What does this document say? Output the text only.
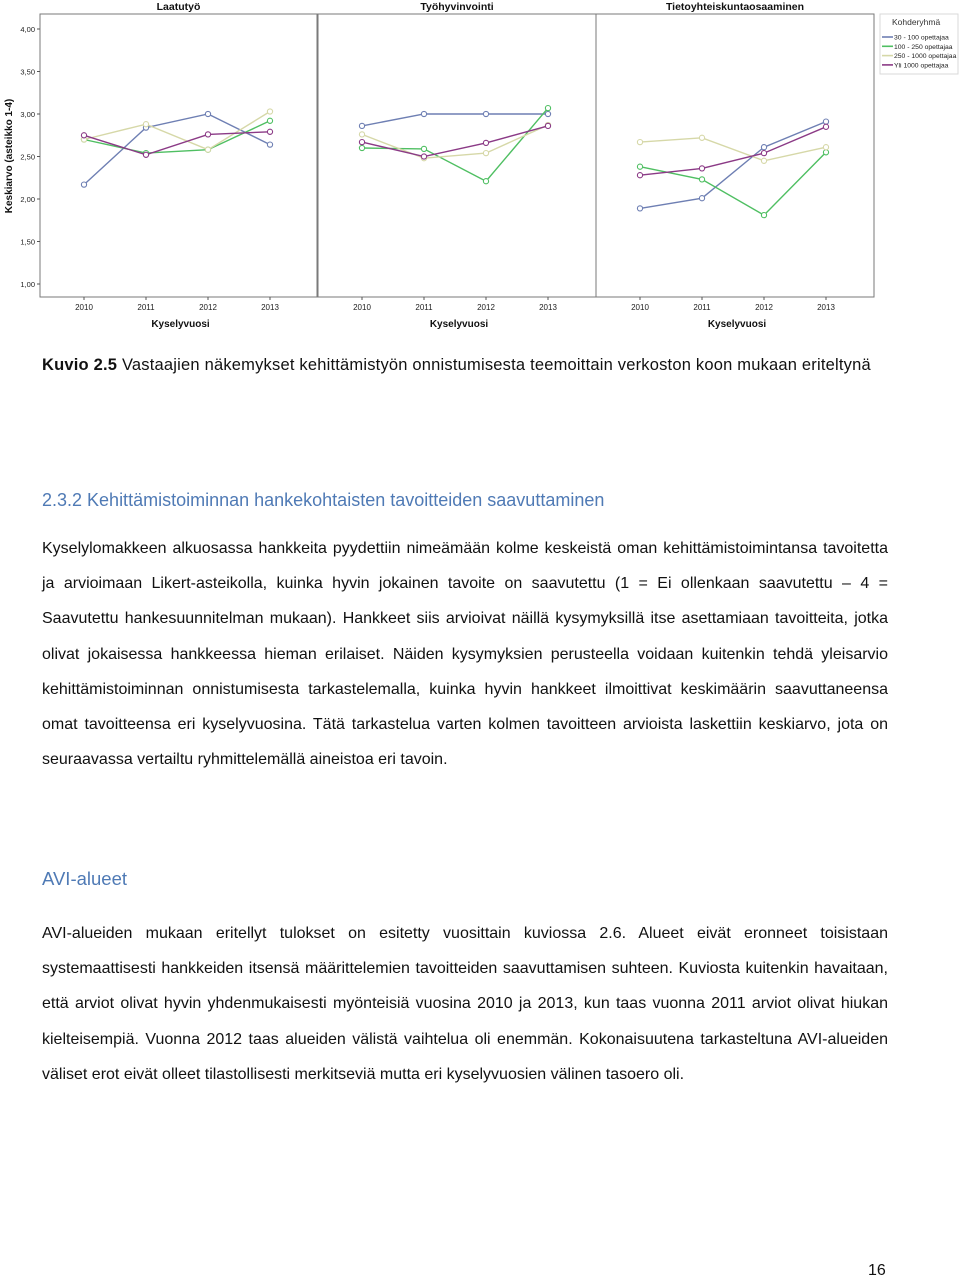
Laatutyö
2010	2011	2012	2013
Kyselyvuosi
Työhyvinvointi
2010	2011	2012	2013
Kyselyvuosi
Tietoyhteiskuntaosaaminen
2010	2011	2012	2013
Kyselyvuosi
1,00
1,50
2,00
2,50
3,00
3,50
4,00
Keskiarvo (asteikko 1-4)
Kohderyhmä
30 - 100 opettajaa
100 - 250 opettajaa
250 - 1000 opettajaa
Yli 1000 opettajaa
Kuvio 2.5 Vastaajien näkemykset kehittämistyön onnistumisesta teemoittain verkoston koon mukaan eriteltynä
2.3.2 Kehittämistoiminnan hankekohtaisten tavoitteiden saavuttaminen
Kyselylomakkeen alkuosassa hankkeita pyydettiin nimeämään kolme keskeistä oman kehittämistoimintansa tavoitetta ja arvioimaan Likert-asteikolla, kuinka hyvin jokainen tavoite on saavutettu (1 = Ei ollenkaan saavutettu – 4 = Saavutettu hankesuunnitelman mukaan). Hankkeet siis arvioivat näillä kysymyksillä itse asettamiaan tavoitteita, jotka olivat jokaisessa hankkeessa hieman erilaiset. Näiden kysymyksien perusteella voidaan kuitenkin tehdä yleisarvio kehittämistoiminnan onnistumisesta tarkastelemalla, kuinka hyvin hankkeet ilmoittivat keskimäärin saavuttaneensa omat tavoitteensa eri kyselyvuosina. Tätä tarkastelua varten kolmen tavoitteen arvioista laskettiin keskiarvo, jota on seuraavassa vertailtu ryhmittelemällä aineistoa eri tavoin.
AVI-alueet
AVI-alueiden mukaan eritellyt tulokset on esitetty vuosittain kuviossa 2.6. Alueet eivät eronneet toisistaan systemaattisesti hankkeiden itsensä määrittelemien tavoitteiden saavuttamisen suhteen. Kuviosta kuitenkin havaitaan, että arviot olivat hyvin yhdenmukaisesti myönteisiä vuosina 2010 ja 2013, kun taas vuonna 2011 arviot olivat hiukan kielteisempiä. Vuonna 2012 taas alueiden välistä vaihtelua oli enemmän. Kokonaisuutena tarkasteltuna AVI-alueiden väliset erot eivät olleet tilastollisesti merkitseviä mutta eri kyselyvuosien välinen tasoero oli.
16
